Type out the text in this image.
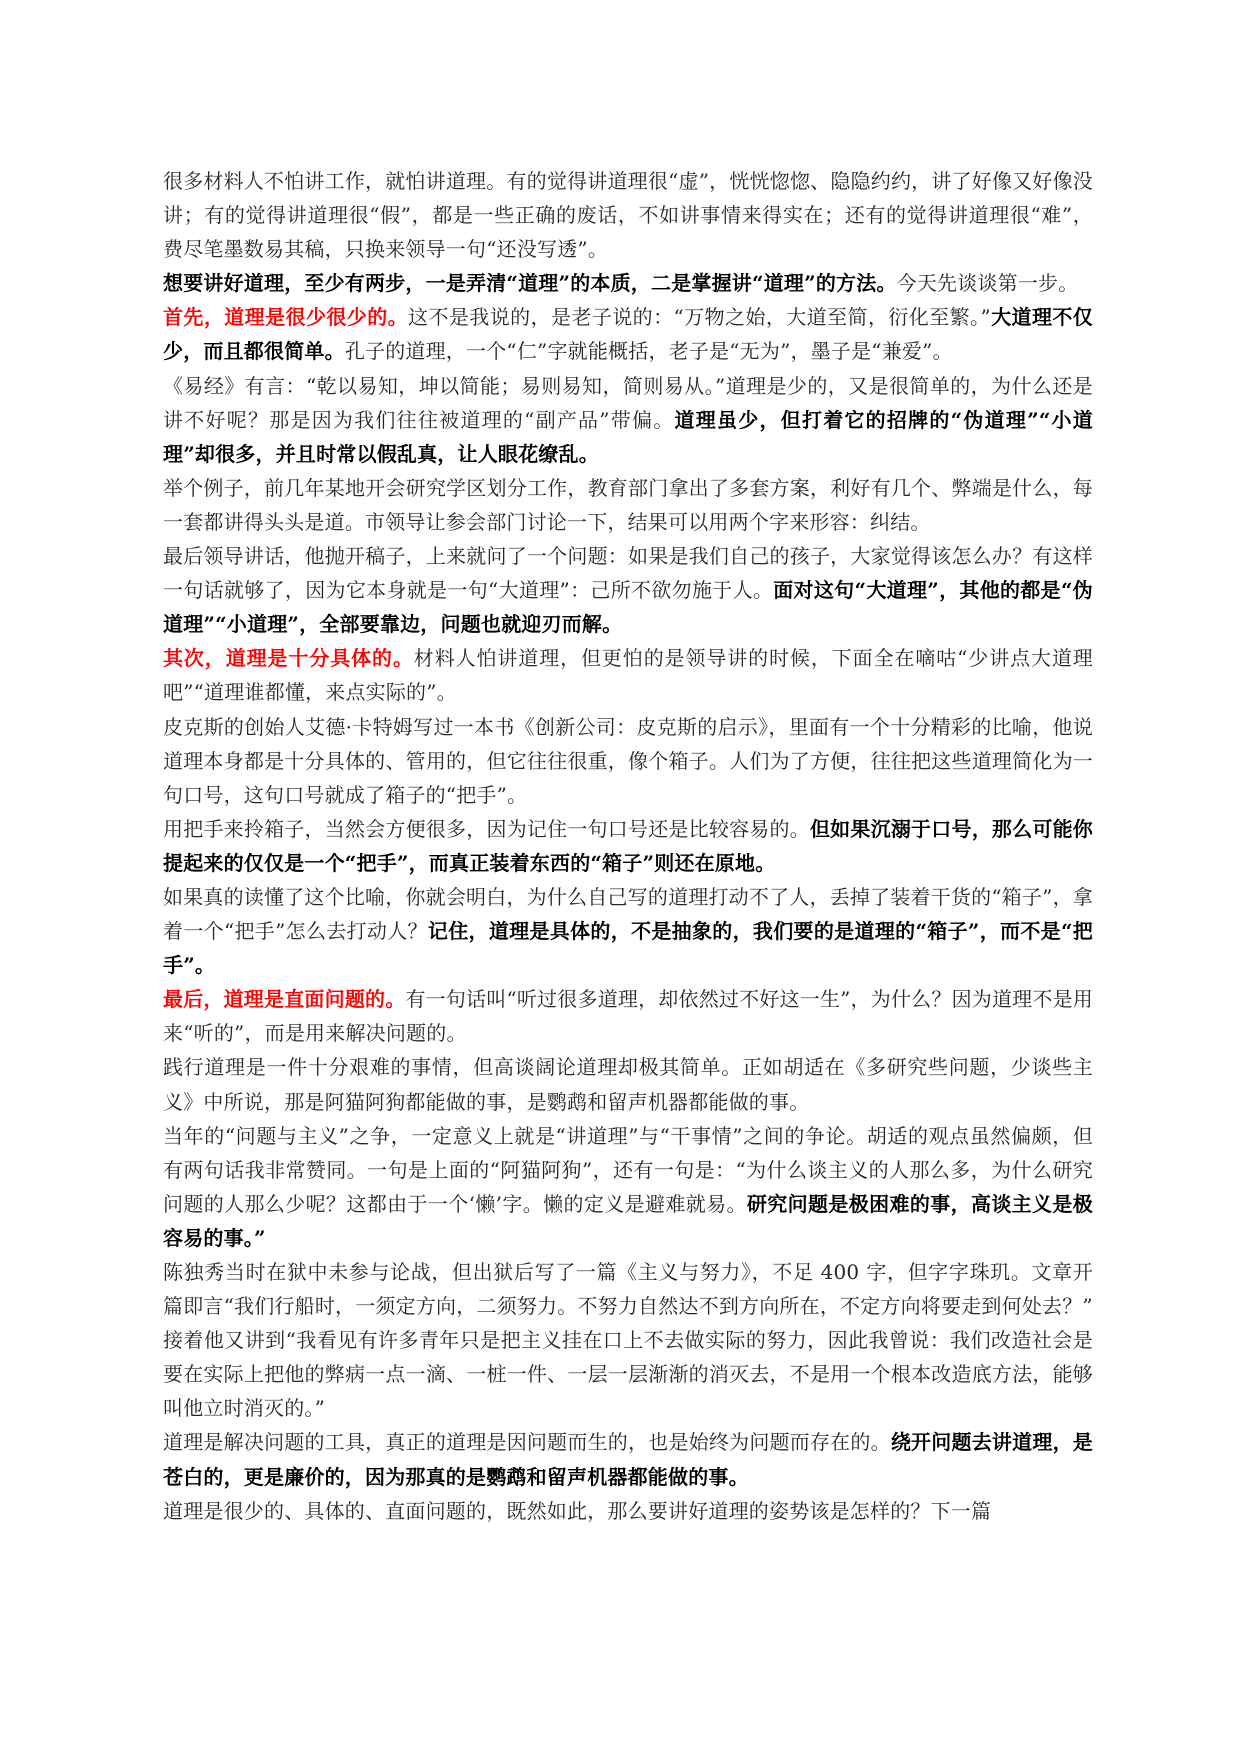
很多材料人不怕讲工作，就怕讲道理。有的觉得讲道理很“虚”，恍恍惚惚、隐隐约约，讲了好像又好像没讲；有的觉得讲道理很“假”，都是一些正确的废话，不如讲事情来得实在；还有的觉得讲道理很“难”，费尽笔墨数易其稿，只换来领导一句“还没写透”。

想要讲好道理，至少有两步，一是弄清“道理”的本质，二是掌握讲“道理”的方法。今天先谈谈第一步。

首先，道理是很少很少的。这不是我说的，是老子说的：“万物之始，大道至简，衍化至繁。”大道理不仅少，而且都很简单。孔子的道理，一个“仁”字就能概括，老子是“无为”，墨子是“兼爱”。

《易经》有言：“乾以易知，坤以简能；易则易知，简则易从。”道理是少的，又是很简单的，为什么还是讲不好呢？那是因为我们往往被道理的“副产品”带偏。道理虽少，但打着它的招牌的“伪道理”“小道理”却很多，并且时常以假乱真，让人眼花缭乱。

举个例子，前几年某地开会研究学区划分工作，教育部门拿出了多套方案，利好有几个、弊端是什么，每一套都讲得头头是道。市领导让参会部门讨论一下，结果可以用两个字来形容：纠结。

最后领导讲话，他抛开稿子，上来就问了一个问题：如果是我们自己的孩子，大家觉得该怎么办？有这样一句话就够了，因为它本身就是一句“大道理”：己所不欲勿施于人。面对这句“大道理”，其他的都是“伪道理”“小道理”，全部要靠边，问题也就迎刃而解。

其次，道理是十分具体的。材料人怕讲道理，但更怕的是领导讲的时候，下面全在嘀咕“少讲点大道理吧”“道理谁都懂，来点实际的”。

皮克斯的创始人艾德·卡特姆写过一本书《创新公司：皮克斯的启示》，里面有一个十分精彩的比喻，他说道理本身都是十分具体的、管用的，但它往往很重，像个箱子。人们为了方便，往往把这些道理简化为一句口号，这句口号就成了箱子的“把手”。

用把手来拎箱子，当然会方便很多，因为记住一句口号还是比较容易的。但如果沉溺于口号，那么可能你提起来的仅仅是一个“把手”，而真正装着东西的“箱子”则还在原地。

如果真的读懂了这个比喻，你就会明白，为什么自己写的道理打动不了人，丢掉了装着干货的“箱子”，拿着一个“把手”怎么去打动人？记住，道理是具体的，不是抽象的，我们要的是道理的“箱子”，而不是“把手”。

最后，道理是直面问题的。有一句话叫“听过很多道理，却依然过不好这一生”，为什么？因为道理不是用来“听的”，而是用来解决问题的。

践行道理是一件十分艰难的事情，但高谈阔论道理却极其简单。正如胡适在《多研究些问题，少谈些主义》中所说，那是阿猫阿狗都能做的事，是鹦鹉和留声机器都能做的事。

当年的“问题与主义”之争，一定意义上就是“讲道理”与“干事情”之间的争论。胡适的观点虽然偏颇，但有两句话我非常赞同。一句是上面的“阿猫阿狗”，还有一句是：“为什么谈主义的人那么多，为什么研究问题的人那么少呢？这都由于一个‘懒’字。懒的定义是避难就易。研究问题是极困难的事，高谈主义是极容易的事。”

陈独秀当时在狱中未参与论战，但出狱后写了一篇《主义与努力》，不足 400 字，但字字珠玑。文章开篇即言“我们行船时，一须定方向，二须努力。不努力自然达不到方向所在，不定方向将要走到何处去？”

接着他又讲到“我看见有许多青年只是把主义挂在口上不去做实际的努力，因此我曾说：我们改造社会是要在实际上把他的弊病一点一滴、一桩一件、一层一层渐渐的消灭去，不是用一个根本改造底方法，能够叫他立时消灭的。”

道理是解决问题的工具，真正的道理是因问题而生的，也是始终为问题而存在的。绕开问题去讲道理，是苍白的，更是廉价的，因为那真的是鹦鹉和留声机器都能做的事。

道理是很少的、具体的、直面问题的，既然如此，那么要讲好道理的姿势该是怎样的？下一篇
